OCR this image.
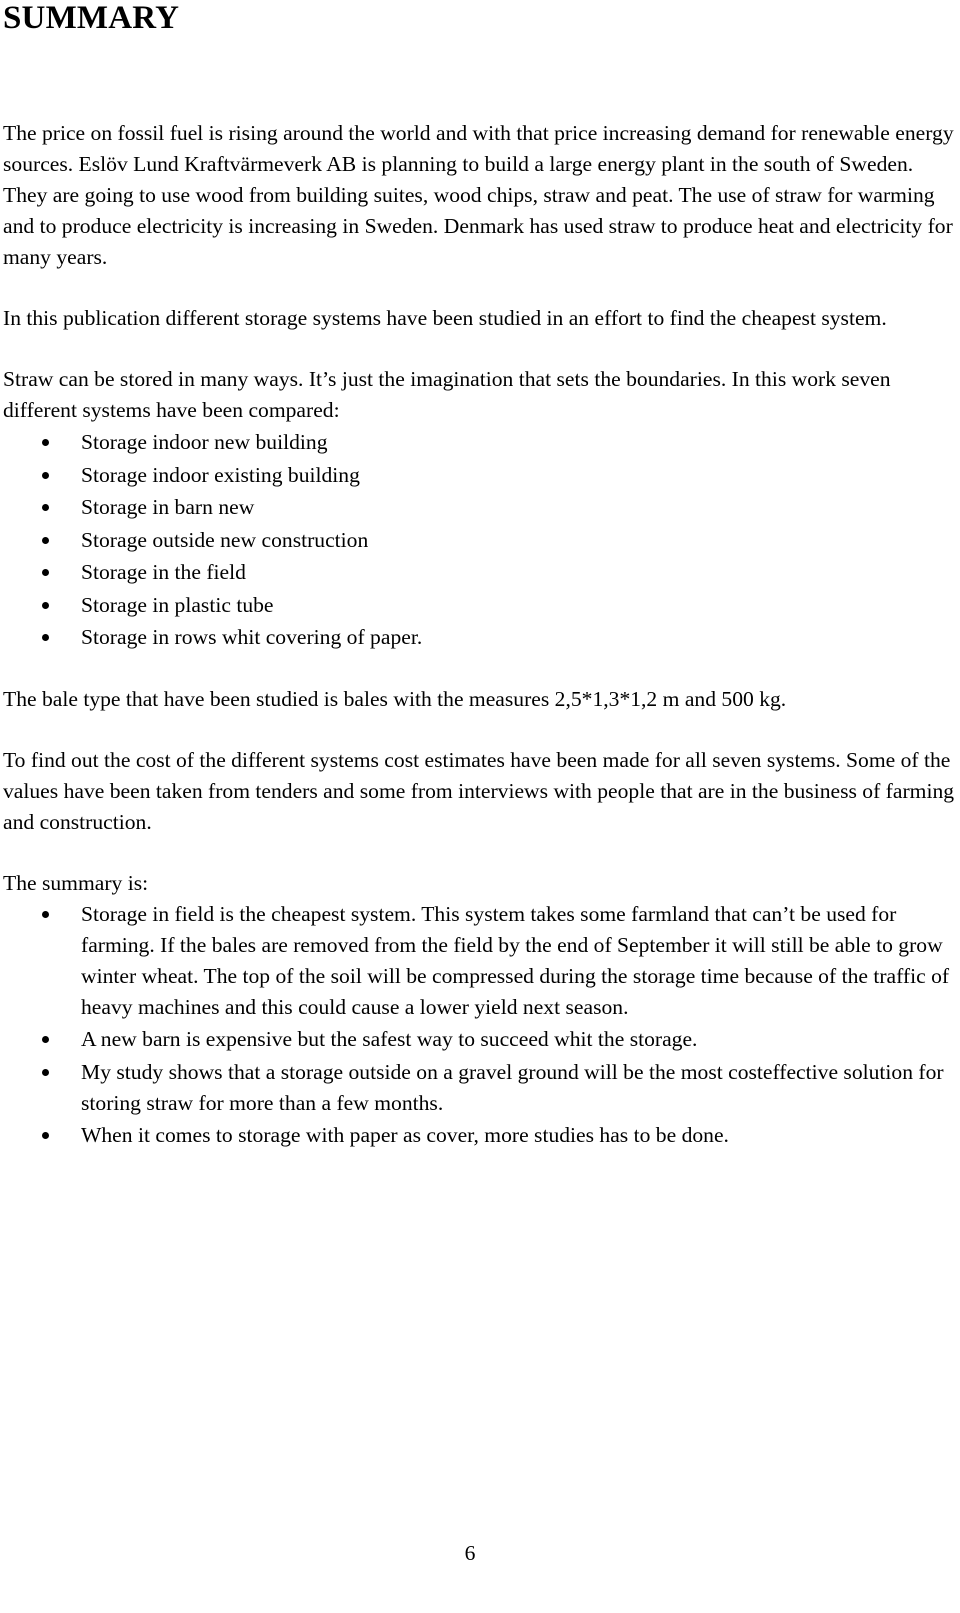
SUMMARY

The price on fossil fuel is rising around the world and with that price increasing demand for renewable energy sources. Eslöv Lund Kraftvärmeverk AB is planning to build a large energy plant in the south of Sweden. They are going to use wood from building suites, wood chips, straw and peat. The use of straw for warming and to produce electricity is increasing in Sweden. Denmark has used straw to produce heat and electricity for many years.

In this publication different storage systems have been studied in an effort to find the cheapest system.

Straw can be stored in many ways. It’s just the imagination that sets the boundaries. In this work seven different systems have been compared:

Storage indoor new building
Storage indoor existing building
Storage in barn new
Storage outside new construction
Storage in the field
Storage in plastic tube
Storage in rows whit covering of paper.

The bale type that have been studied is bales with the measures 2,5*1,3*1,2 m and 500 kg.

To find out the cost of the different systems cost estimates have been made for all seven systems. Some of the values have been taken from tenders and some from interviews with people that are in the business of farming and construction.

The summary is:

Storage in field is the cheapest system. This system takes some farmland that can’t be used for farming. If the bales are removed from the field by the end of September it will still be able to grow winter wheat. The top of the soil will be compressed during the storage time because of the traffic of heavy machines and this could cause a lower yield next season.
A new barn is expensive but the safest way to succeed whit the storage.
My study shows that a storage outside on a gravel ground will be the most costeffective solution for storing straw for more than a few months.
When it comes to storage with paper as cover, more studies has to be done.
6
